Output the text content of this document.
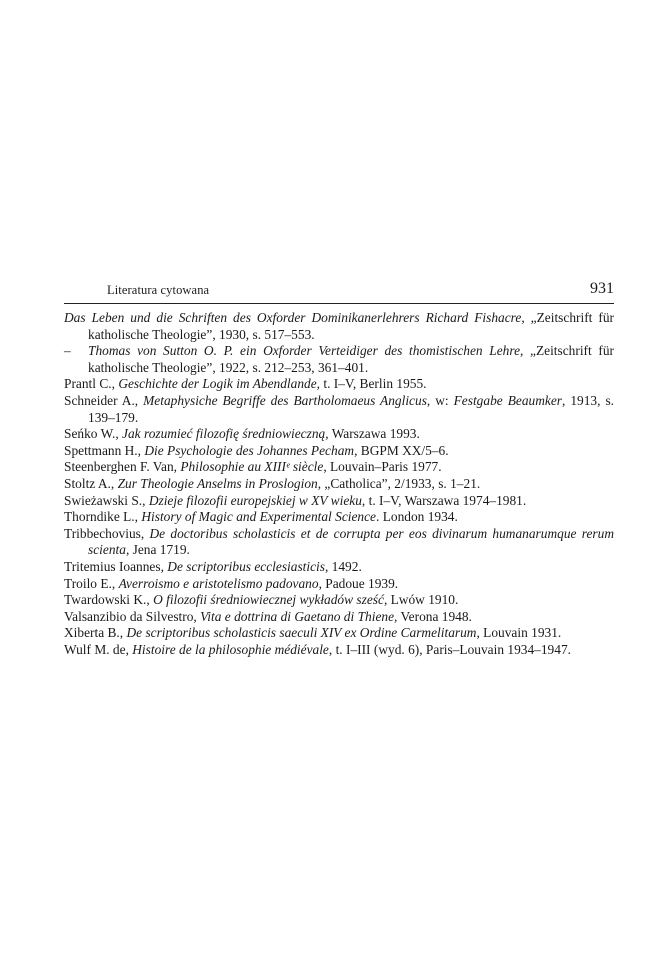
Literatura cytowana	931
Das Leben und die Schriften des Oxforder Dominikanerlehrers Richard Fishacre, „Zeitschrift für katholische Theologie”, 1930, s. 517–553.
– Thomas von Sutton O. P. ein Oxforder Verteidiger des thomistischen Lehre, „Zeitschrift für katholische Theologie”, 1922, s. 212–253, 361–401.
Prantl C., Geschichte der Logik im Abendlande, t. I–V, Berlin 1955.
Schneider A., Metaphysiche Begriffe des Bartholomaeus Anglicus, w: Festgabe Beaumker, 1913, s. 139–179.
Seńko W., Jak rozumieć filozofię średniowieczną, Warszawa 1993.
Spettmann H., Die Psychologie des Johannes Pecham, BGPM XX/5–6.
Steenberghen F. Van, Philosophie au XIIIᵉ siècle, Louvain–Paris 1977.
Stoltz A., Zur Theologie Anselms in Proslogion, „Catholica”, 2/1933, s. 1–21.
Swieżawski S., Dzieje filozofii europejskiej w XV wieku, t. I–V, Warszawa 1974–1981.
Thorndike L., History of Magic and Experimental Science. London 1934.
Tribbechovius, De doctoribus scholasticis et de corrupta per eos divinarum humanarumque rerum scienta, Jena 1719.
Tritemius Ioannes, De scriptoribus ecclesiasticis, 1492.
Troilo E., Averroismo e aristotelismo padovano, Padoue 1939.
Twardowski K., O filozofii średniowiecznej wykładów sześć, Lwów 1910.
Valsanzibio da Silvestro, Vita e dottrina di Gaetano di Thiene, Verona 1948.
Xiberta B., De scriptoribus scholasticis saeculi XIV ex Ordine Carmelitarum, Louvain 1931.
Wulf M. de, Histoire de la philosophie médiévale, t. I–III (wyd. 6), Paris–Louvain 1934–1947.
